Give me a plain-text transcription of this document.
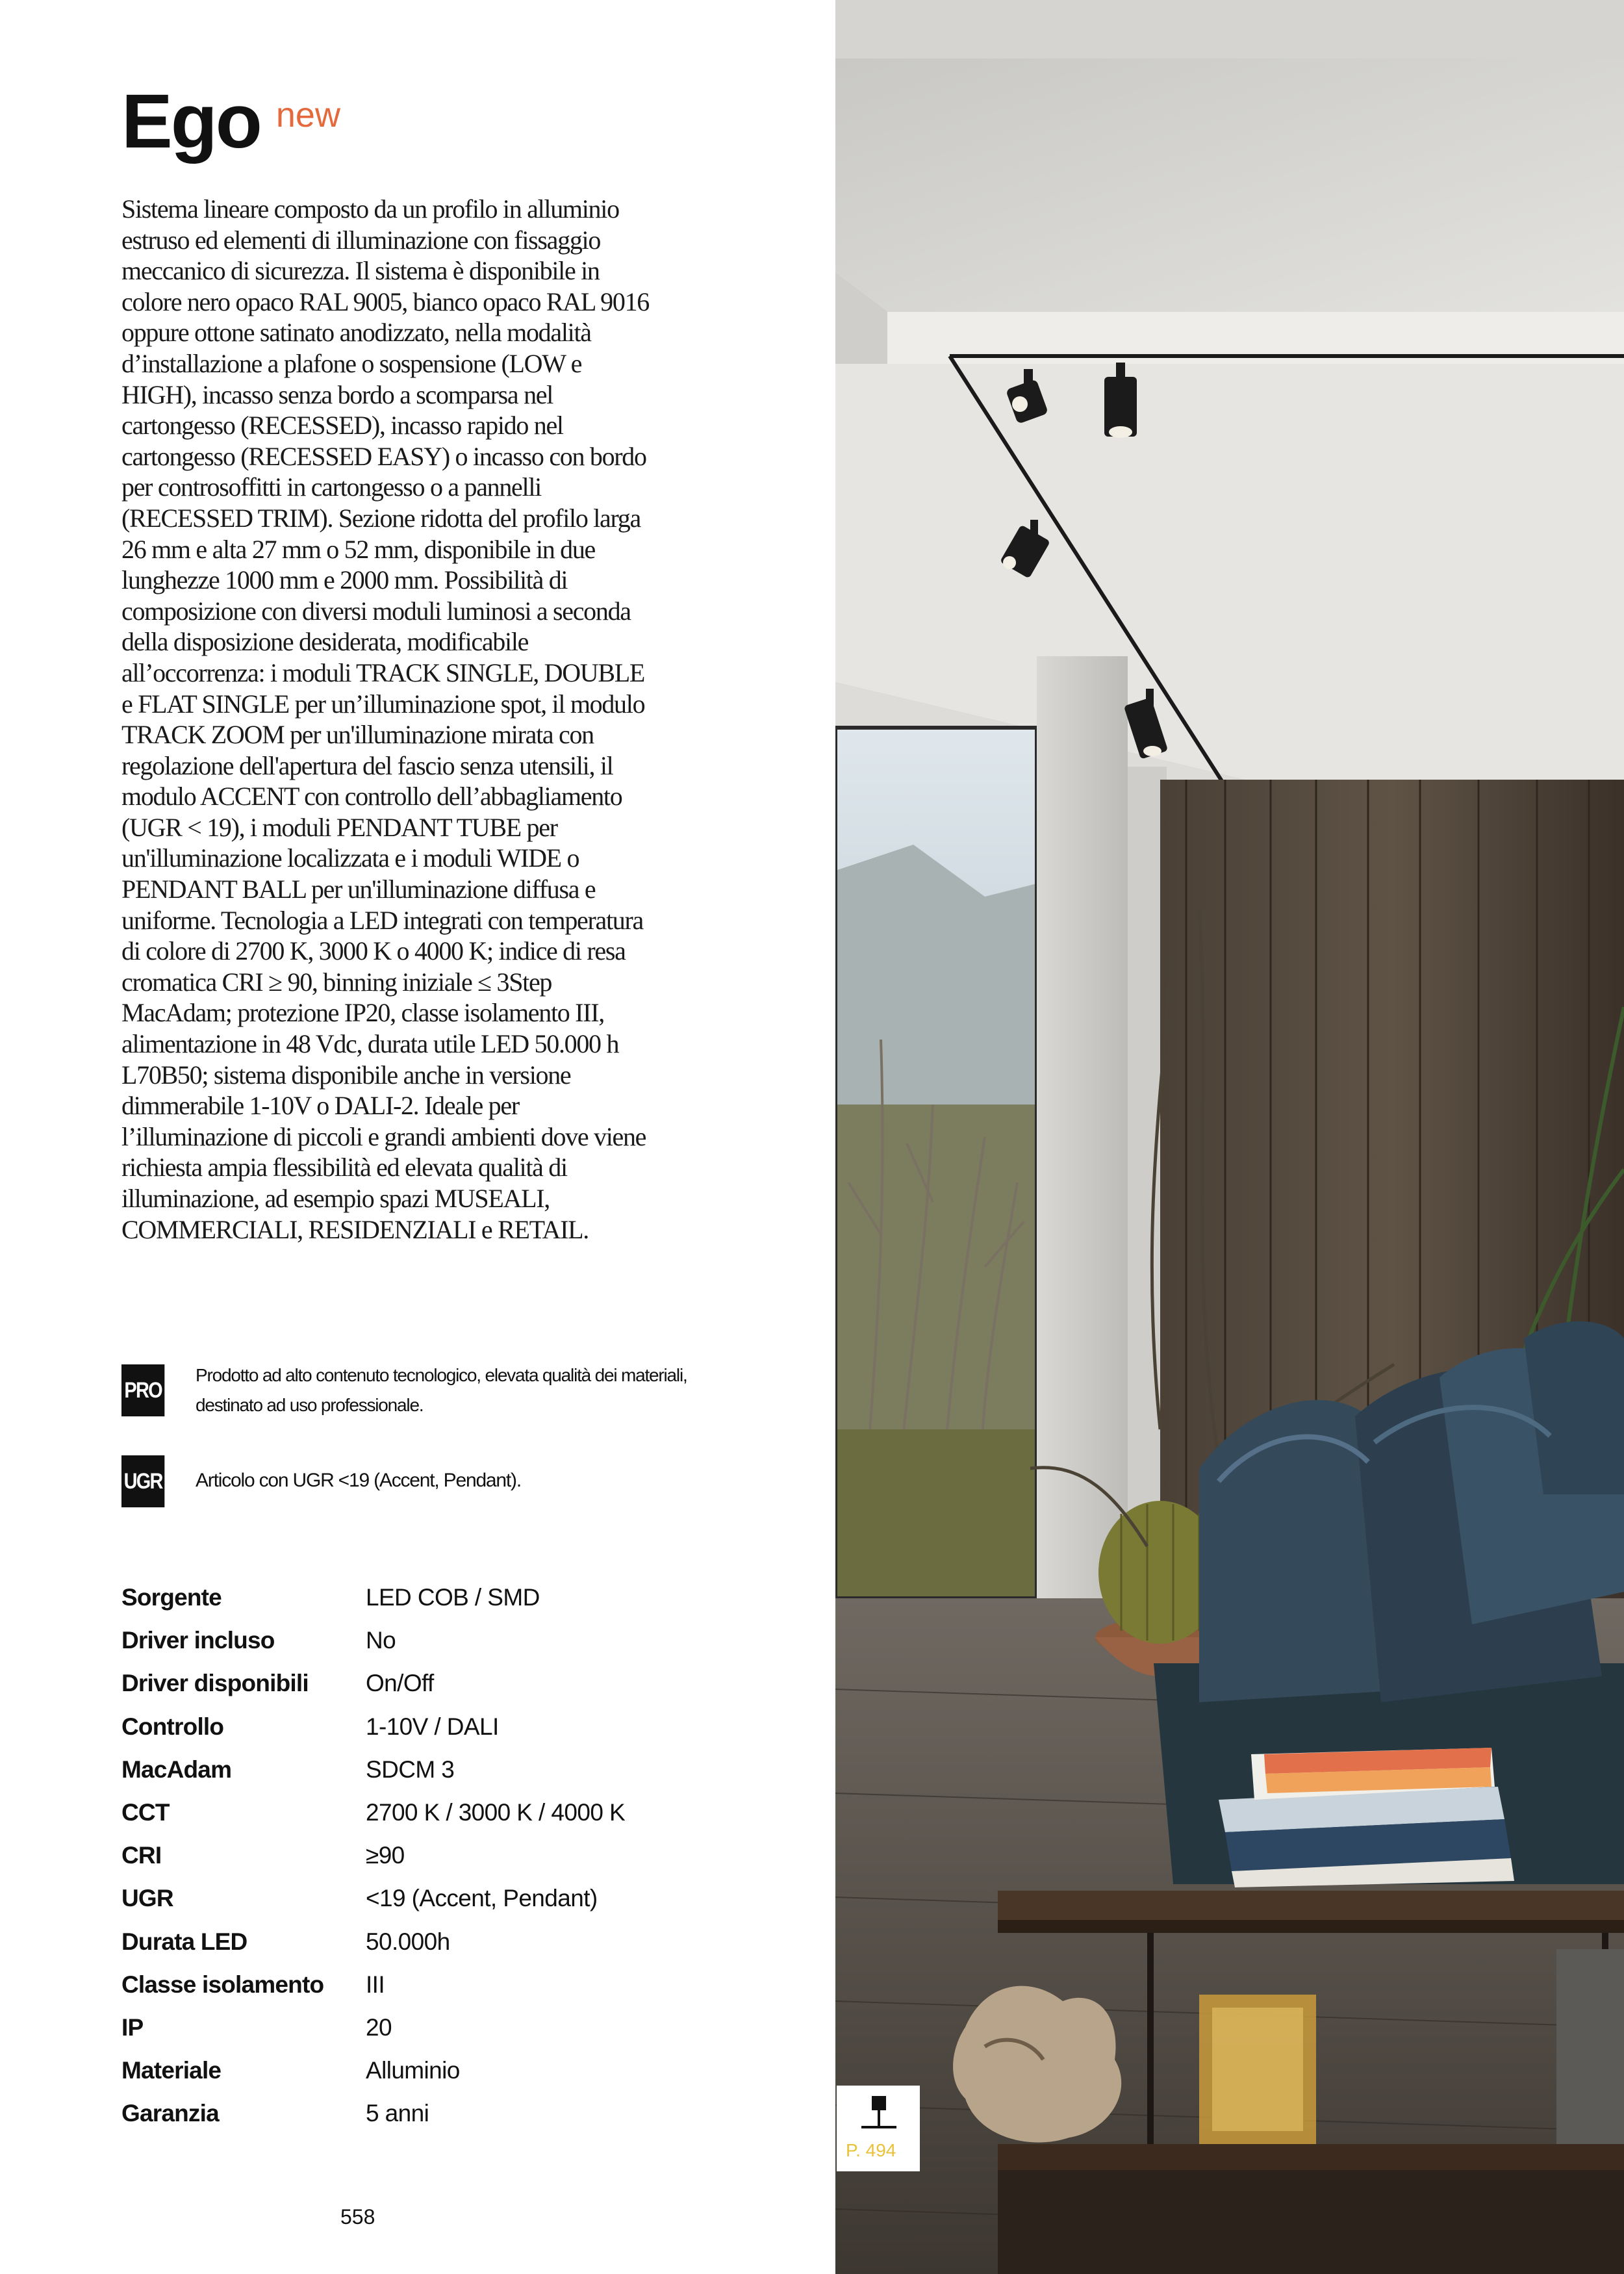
Ego new

Sistema lineare composto da un profilo in alluminio estruso ed elementi di illuminazione con fissaggio meccanico di sicurezza. Il sistema è disponibile in colore nero opaco RAL 9005, bianco opaco RAL 9016 oppure ottone satinato anodizzato, nella modalità d’installazione a plafone o sospensione (LOW e HIGH), incasso senza bordo a scomparsa nel cartongesso (RECESSED), incasso rapido nel cartongesso (RECESSED EASY) o incasso con bordo per controsoffitti in cartongesso o a pannelli (RECESSED TRIM). Sezione ridotta del profilo larga 26 mm e alta 27 mm o 52 mm, disponibile in due lunghezze 1000 mm e 2000 mm. Possibilità di composizione con diversi moduli luminosi a seconda della disposizione desiderata, modificabile all’occorrenza: i moduli TRACK SINGLE, DOUBLE e FLAT SINGLE per un’illuminazione spot, il modulo TRACK ZOOM per un'illuminazione mirata con regolazione dell'apertura del fascio senza utensili, il modulo ACCENT con controllo dell’abbagliamento (UGR < 19), i moduli PENDANT TUBE per un'illuminazione localizzata e i moduli WIDE o PENDANT BALL per un'illuminazione diffusa e uniforme. Tecnologia a LED integrati con temperatura di colore di 2700 K, 3000 K o 4000 K; indice di resa cromatica CRI ≥ 90, binning iniziale ≤ 3Step MacAdam; protezione IP20, classe isolamento III, alimentazione in 48 Vdc, durata utile LED 50.000 h L70B50; sistema disponibile anche in versione dimmerabile 1-10V o DALI-2. Ideale per l’illuminazione di piccoli e grandi ambienti dove viene richiesta ampia flessibilità ed elevata qualità di illuminazione, ad esempio spazi MUSEALI, COMMERCIALI, RESIDENZIALI e RETAIL.

PRO
Prodotto ad alto contenuto tecnologico, elevata qualità dei materiali, destinato ad uso professionale.
UGR Articolo con UGR <19 (Accent, Pendant).
Sorgente	LED COB / SMD
Driver incluso	No
Driver disponibili	On/Off
Controllo	1-10V / DALI
MacAdam	SDCM 3
CCT	2700 K / 3000 K / 4000 K
CRI	≥90
UGR	<19 (Accent, Pendant)
Durata LED	50.000h
Classe isolamento	III
IP	20
Materiale	Alluminio
Garanzia	5 anni
558
P. 494
